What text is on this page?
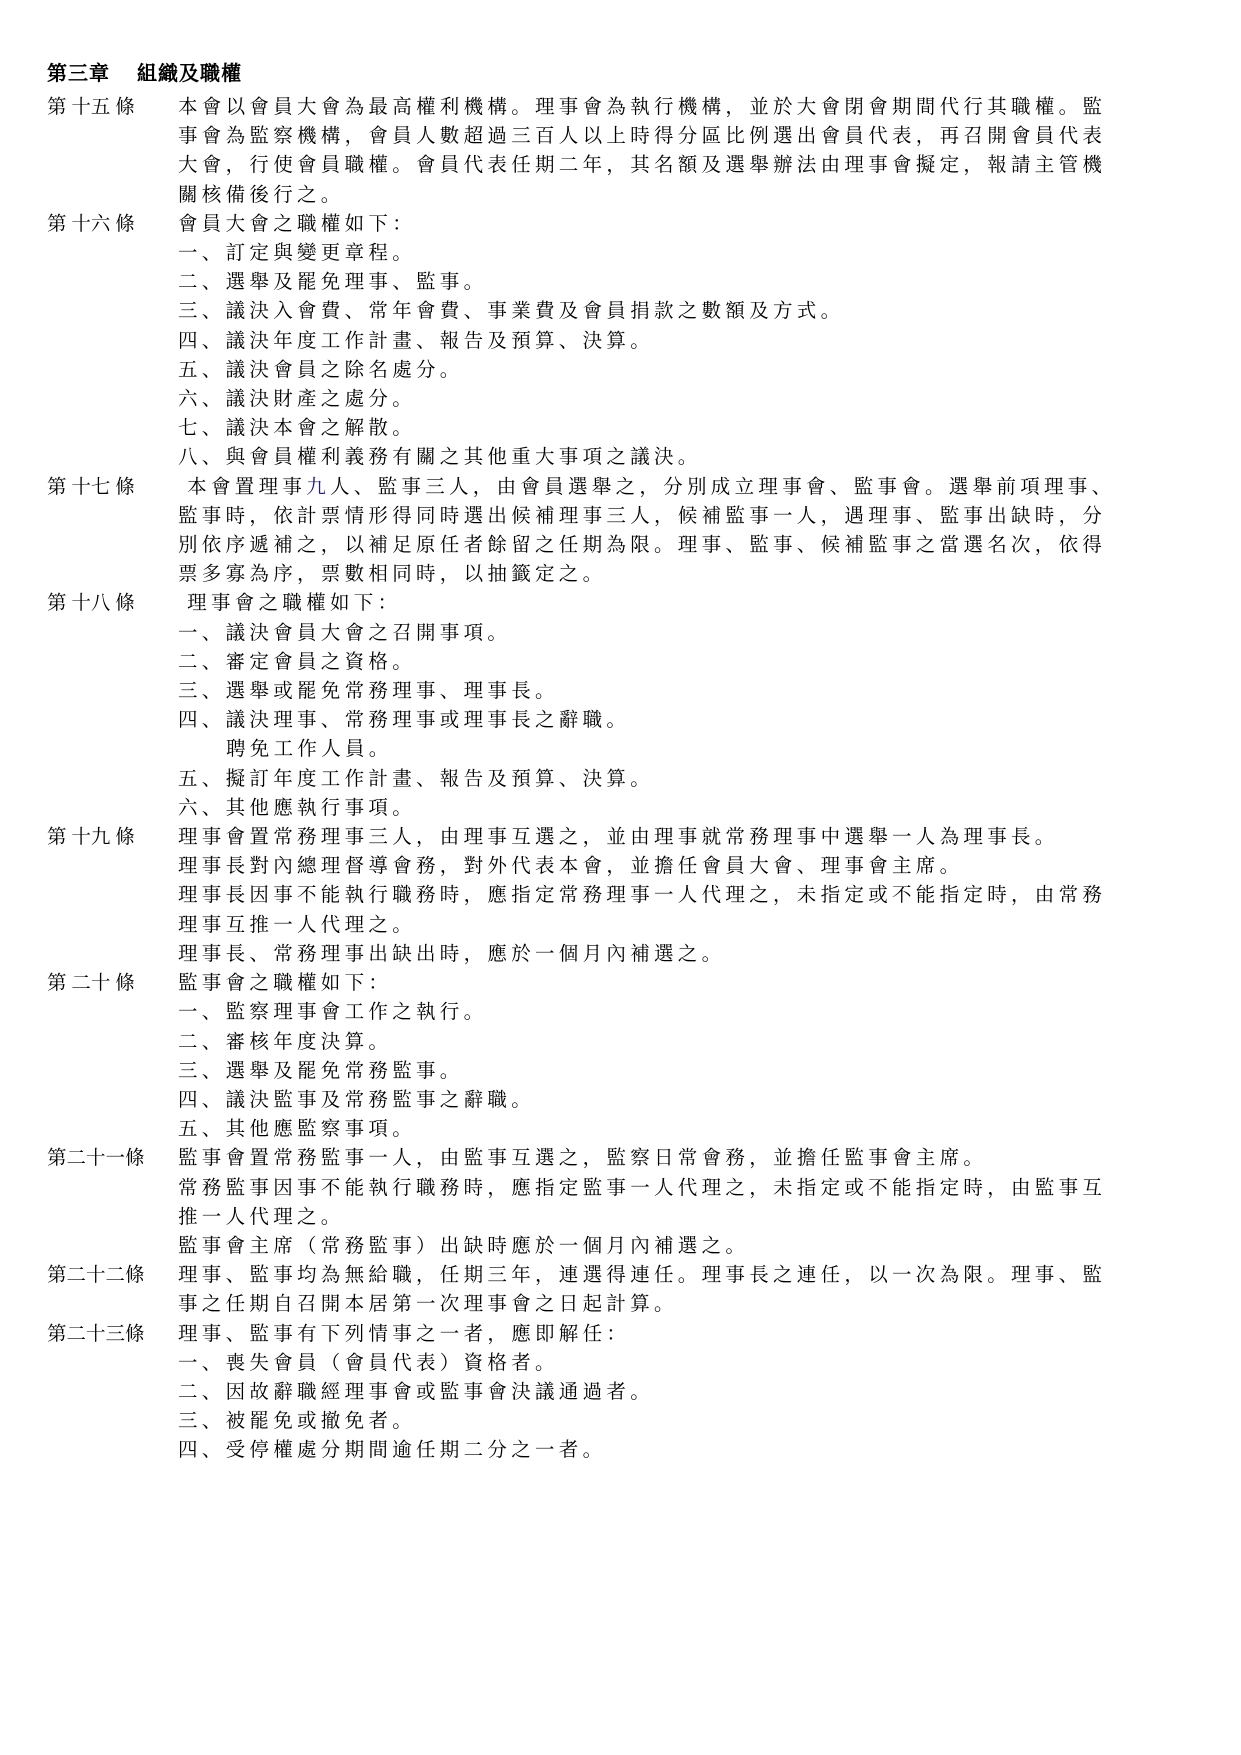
第三章　 組織及職權
第 十五 條	本會以會員大會為最高權利機構。理事會為執行機構，並於大會閉會期間代行其職權。監
事會為監察機構，會員人數超過三百人以上時得分區比例選出會員代表，再召開會員代表
大會，行使會員職權。會員代表任期二年，其名額及選舉辦法由理事會擬定，報請主管機
關核備後行之。
第 十六 條	會員大會之職權如下：
一、訂定與變更章程。
二、選舉及罷免理事、監事。
三、議決入會費、常年會費、事業費及會員捐款之數額及方式。
四、議決年度工作計畫、報告及預算、決算。
五、議決會員之除名處分。
六、議決財產之處分。
七、議決本會之解散。
八、與會員權利義務有關之其他重大事項之議決。
第 十七 條	本會置理事九人、監事三人，由會員選舉之，分別成立理事會、監事會。選舉前項理事、
監事時，依計票情形得同時選出候補理事三人，候補監事一人，遇理事、監事出缺時，分
別依序遞補之，以補足原任者餘留之任期為限。理事、監事、候補監事之當選名次，依得
票多寡為序，票數相同時，以抽籤定之。
第 十八 條	理事會之職權如下：
一、議決會員大會之召開事項。
二、審定會員之資格。
三、選舉或罷免常務理事、理事長。
四、議決理事、常務理事或理事長之辭職。
聘免工作人員。
五、擬訂年度工作計畫、報告及預算、決算。
六、其他應執行事項。
第 十九 條	理事會置常務理事三人，由理事互選之，並由理事就常務理事中選舉一人為理事長。
理事長對內總理督導會務，對外代表本會，並擔任會員大會、理事會主席。
理事長因事不能執行職務時，應指定常務理事一人代理之，未指定或不能指定時，由常務
理事互推一人代理之。
理事長、常務理事出缺出時，應於一個月內補選之。
第 二十 條	監事會之職權如下：
一、監察理事會工作之執行。
二、審核年度決算。
三、選舉及罷免常務監事。
四、議決監事及常務監事之辭職。
五、其他應監察事項。
第二十一條	監事會置常務監事一人，由監事互選之，監察日常會務，並擔任監事會主席。
常務監事因事不能執行職務時，應指定監事一人代理之，未指定或不能指定時，由監事互
推一人代理之。
監事會主席（常務監事）出缺時應於一個月內補選之。
第二十二條	理事、監事均為無給職，任期三年，連選得連任。理事長之連任，以一次為限。理事、監
事之任期自召開本居第一次理事會之日起計算。
第二十三條	理事、監事有下列情事之一者，應即解任：
一、喪失會員（會員代表）資格者。
二、因故辭職經理事會或監事會決議通過者。
三、被罷免或撤免者。
四、受停權處分期間逾任期二分之一者。
